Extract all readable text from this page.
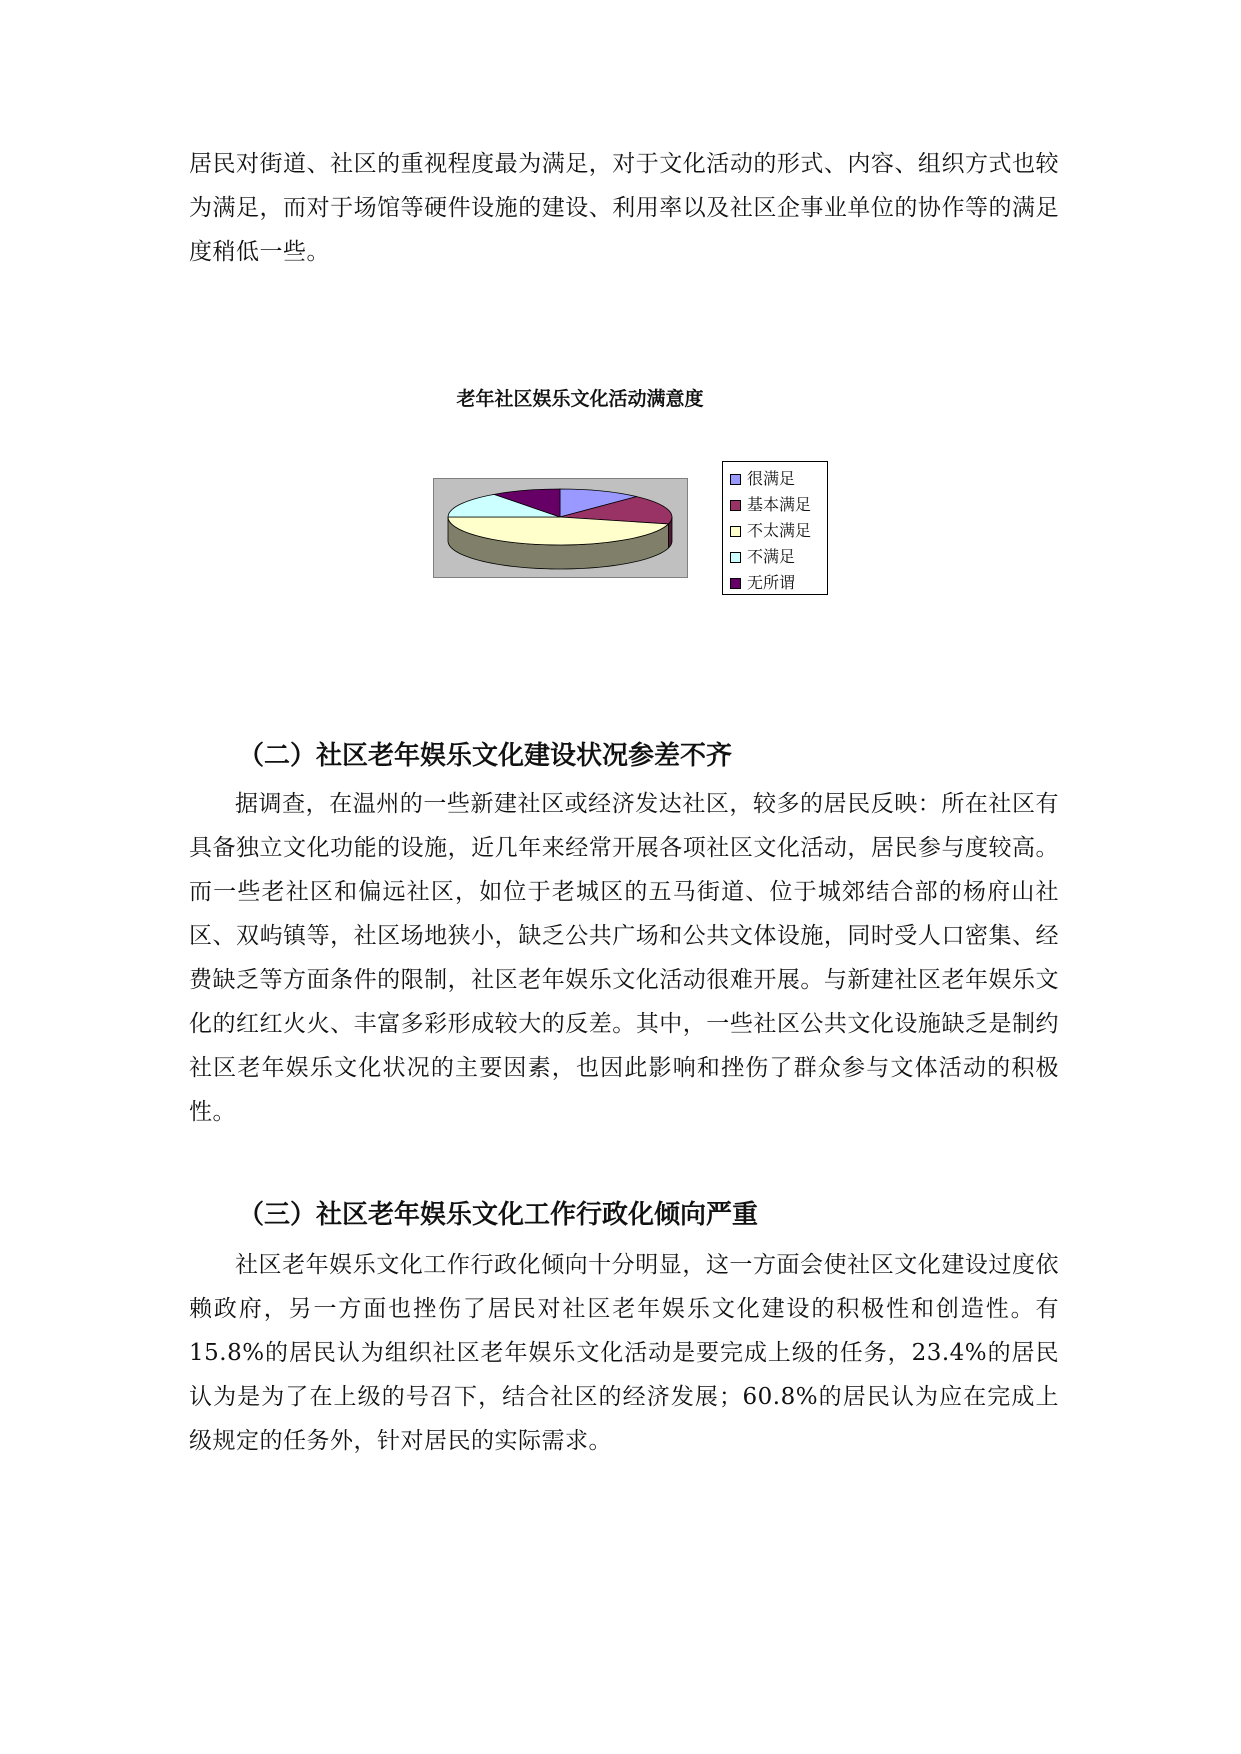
居民对街道、社区的重视程度最为满足，对于文化活动的形式、内容、组织方式也较为满足，而对于场馆等硬件设施的建设、利用率以及社区企事业单位的协作等的满足度稍低一些。

老年社区娱乐文化活动满意度
很满足
基本满足
不太满足
不满足
无所谓
（二）社区老年娱乐文化建设状况参差不齐

据调查，在温州的一些新建社区或经济发达社区，较多的居民反映：所在社区有具备独立文化功能的设施，近几年来经常开展各项社区文化活动，居民参与度较高。而一些老社区和偏远社区，如位于老城区的五马街道、位于城郊结合部的杨府山社区、双屿镇等，社区场地狭小，缺乏公共广场和公共文体设施，同时受人口密集、经费缺乏等方面条件的限制，社区老年娱乐文化活动很难开展。与新建社区老年娱乐文化的红红火火、丰富多彩形成较大的反差。其中，一些社区公共文化设施缺乏是制约社区老年娱乐文化状况的主要因素，也因此影响和挫伤了群众参与文体活动的积极性。

（三）社区老年娱乐文化工作行政化倾向严重

社区老年娱乐文化工作行政化倾向十分明显，这一方面会使社区文化建设过度依赖政府，另一方面也挫伤了居民对社区老年娱乐文化建设的积极性和创造性。有 15.8%的居民认为组织社区老年娱乐文化活动是要完成上级的任务，23.4%的居民认为是为了在上级的号召下，结合社区的经济发展；60.8%的居民认为应在完成上级规定的任务外，针对居民的实际需求。
